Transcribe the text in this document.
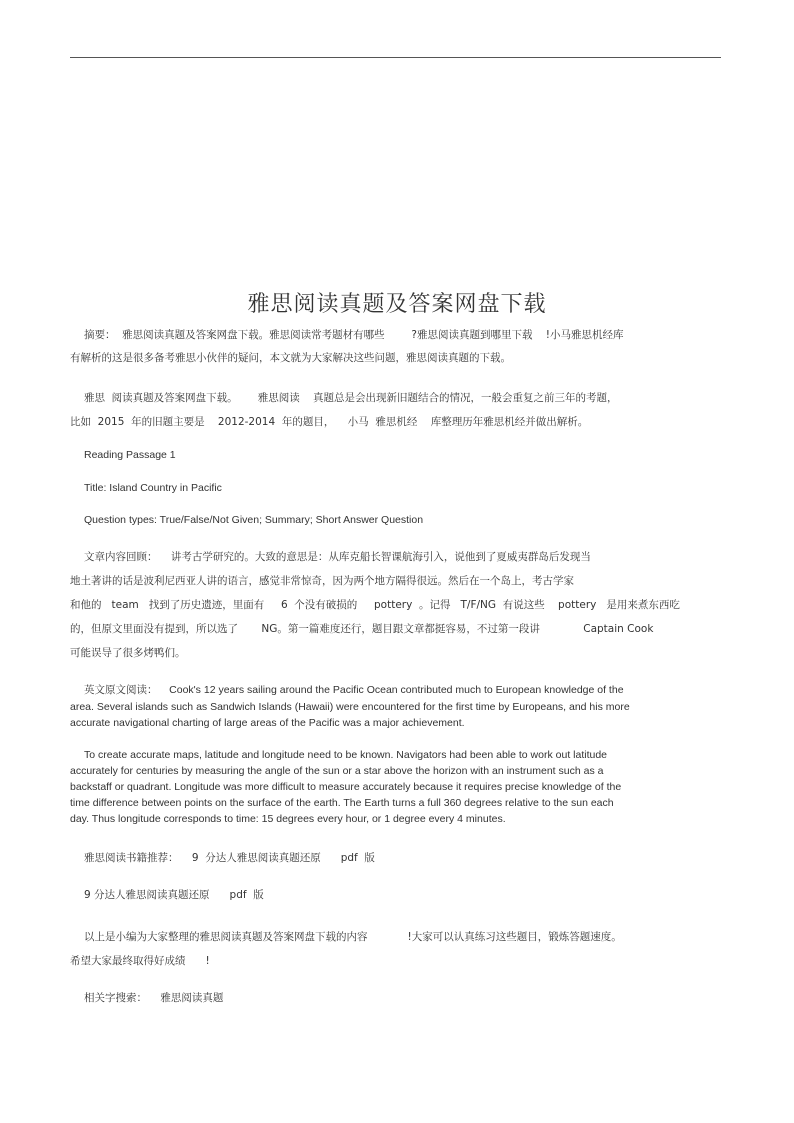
雅思阅读真题及答案网盘下载
摘要：  雅思阅读真题及答案网盘下载。雅思阅读常考题材有哪些        ?雅思阅读真题到哪里下载    !小马雅思机经库
有解析的这是很多备考雅思小伙伴的疑问，本文就为大家解决这些问题，雅思阅读真题的下载。
雅思  阅读真题及答案网盘下载。      雅思阅读    真题总是会出现新旧题结合的情况，一般会重复之前三年的考题，
比如  2015  年的旧题主要是    2012-2014  年的题目，    小马  雅思机经    库整理历年雅思机经并做出解析。
Reading Passage 1
Title: Island Country in Pacific
Question types: True/False/Not Given; Summary; Short Answer Question
文章内容回顾：    讲考古学研究的。大致的意思是：从库克船长智课航海引入，说他到了夏威夷群岛后发现当
地土著讲的话是波利尼西亚人讲的语言，感觉非常惊奇，因为两个地方隔得很远。然后在一个岛上，考古学家
和他的   team   找到了历史遗迹，里面有     6  个没有破损的     pottery  。记得   T/F/NG  有说这些    pottery   是用来煮东西吃
的，但原文里面没有提到，所以选了       NG。第一篇难度还行，题目跟文章都挺容易，不过第一段讲             Captain Cook
可能误导了很多烤鸭们。
英文原文阅读：    Cook's 12 years sailing around the Pacific Ocean contributed much to European knowledge of the
area. Several islands such as Sandwich Islands (Hawaii) were encountered for the first time by Europeans, and his more
accurate navigational charting of large areas of the Pacific was a major achievement.
To create accurate maps, latitude and longitude need to be known. Navigators had been able to work out latitude
accurately for centuries by measuring the angle of the sun or a star above the horizon with an instrument such as a
backstaff or quadrant. Longitude was more difficult to measure accurately because it requires precise knowledge of the
time difference between points on the surface of the earth. The Earth turns a full 360 degrees relative to the sun each
day. Thus longitude corresponds to time: 15 degrees every hour, or 1 degree every 4 minutes.
雅思阅读书籍推荐：    9  分达人雅思阅读真题还原      pdf  版
9 分达人雅思阅读真题还原      pdf  版
以上是小编为大家整理的雅思阅读真题及答案网盘下载的内容            !大家可以认真练习这些题目，锻炼答题速度。
希望大家最终取得好成绩      !
相关字搜索：    雅思阅读真题
